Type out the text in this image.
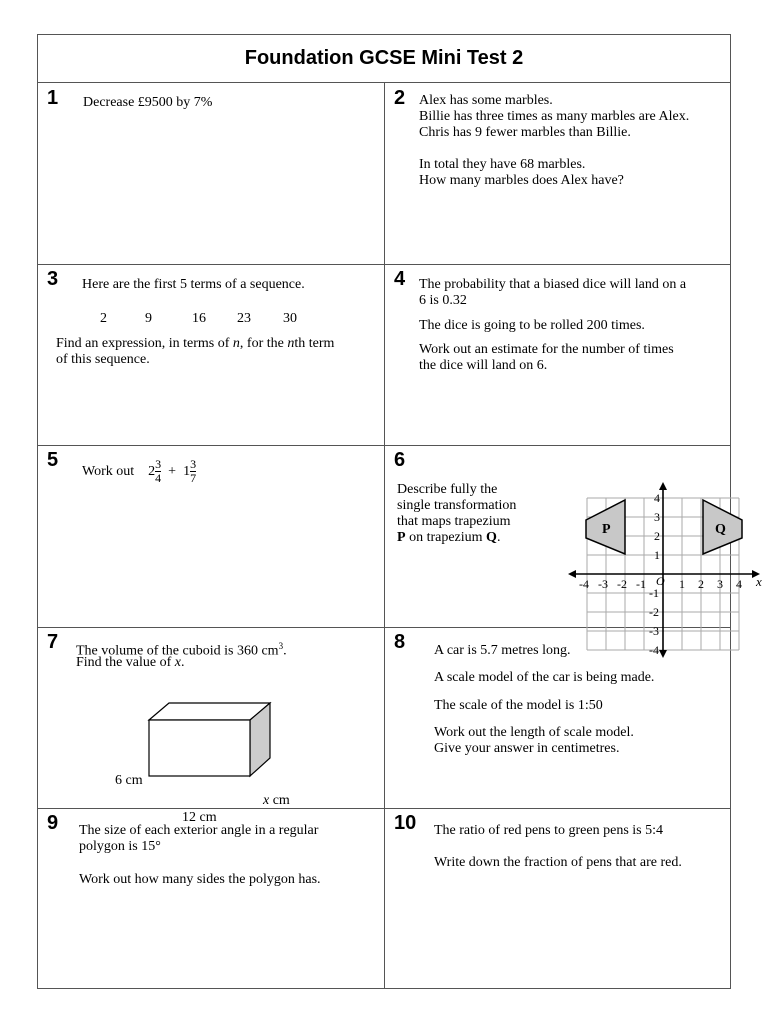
Foundation GCSE Mini Test 2
1 Decrease £9500 by 7%	2 Alex has some marbles.
Billie has three times as many marbles are Alex.
Chris has 9 fewer marbles than Billie.
In total they have 68 marbles.
How many marbles does Alex have?
3 Here are the first 5 terms of a sequence.
2	9	16 23 30
Find an expression, in terms of n, for the nth term
of this sequence.
4 The probability that a biased dice will land on a
6 is 0.32
The dice is going to be rolled 200 times.
Work out an estimate for the number of times
the dice will land on 6.
5
Work out $2 \frac{3}{4} + 1 \frac{3}{7}$	6
Describe fully the
single transformation
that maps trapezium
P on trapezium Q.
-4 -3 -2 -1	1 2 3 4
4
3
2
1
-1
-2
-3
-4
O	x
P	Q
7 The volume of the cuboid is 360 $cm^3$.
Find the value of x.
6 cm
12 cm
x cm
8 A car is 5.7 metres long.
A scale model of the car is being made.
The scale of the model is 1:50
Work out the length of scale model.
Give your answer in centimetres.
9 The size of each exterior angle in a regular
polygon is 15°
Work out how many sides the polygon has.
10 The ratio of red pens to green pens is 5:4
Write down the fraction of pens that are red.
